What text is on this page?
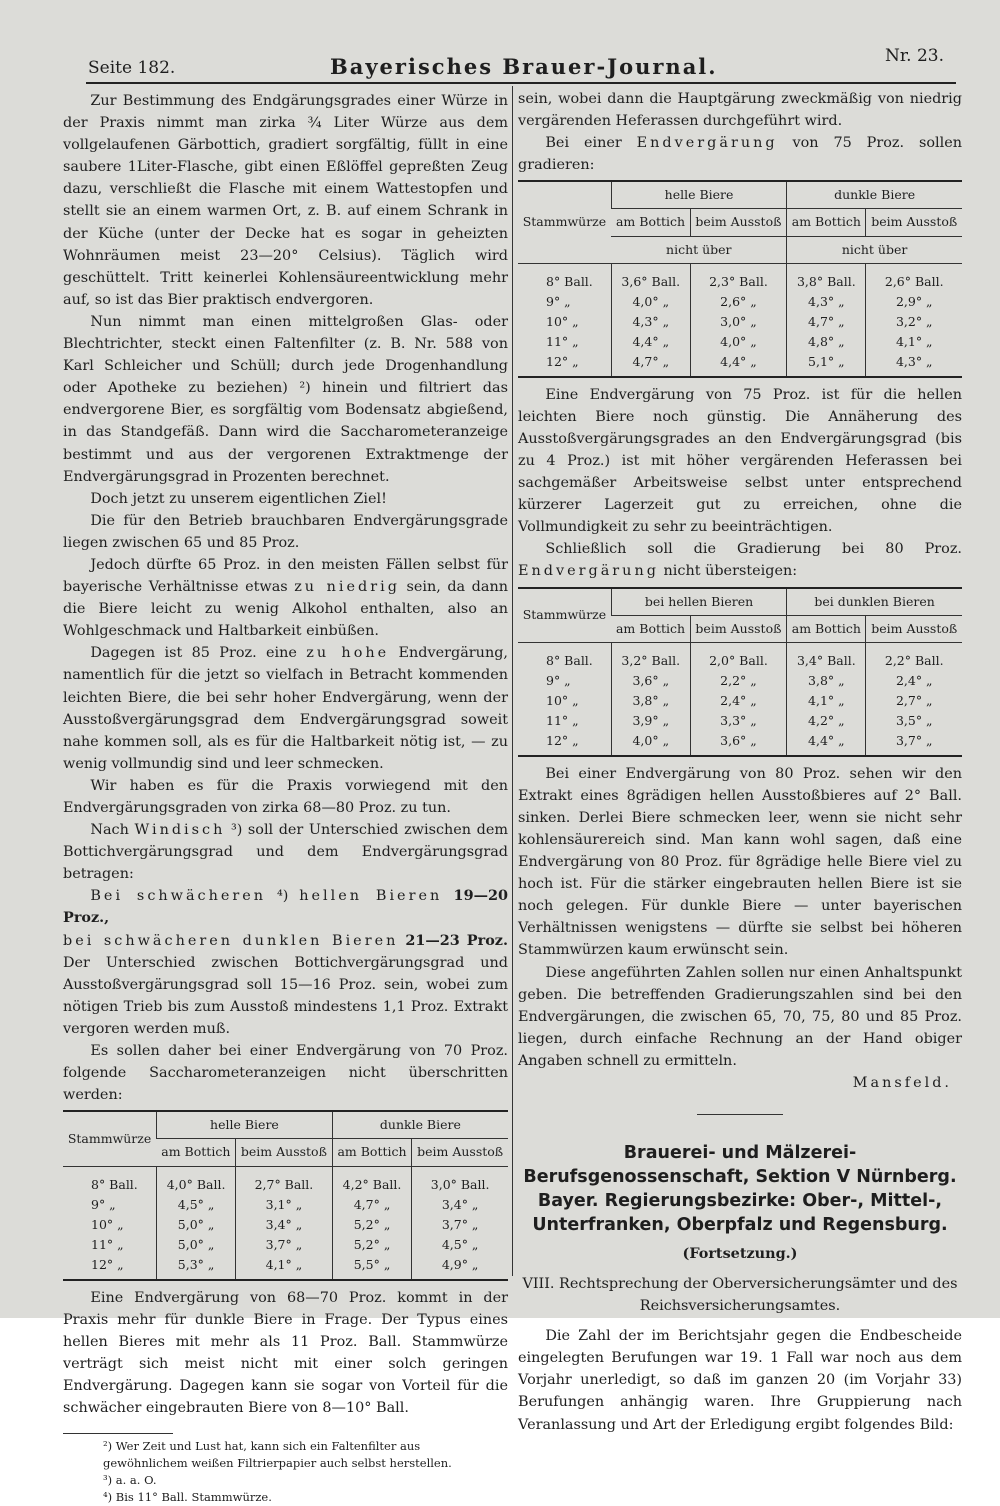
Seite 182.	Bayerisches Brauer-Journal.	Nr. 23.

Zur Bestimmung des Endgärungsgrades einer Würze in der Praxis nimmt man zirka ¾ Liter Würze aus dem vollgelaufenen Gärbottich, gradiert sorgfältig, füllt in eine saubere 1Liter-Flasche, gibt einen Eßlöffel gepreßten Zeug dazu, verschließt die Flasche mit einem Wattestopfen und stellt sie an einem warmen Ort, z. B. auf einem Schrank in der Küche (unter der Decke hat es sogar in geheizten Wohnräumen meist 23—20° Celsius). Täglich wird geschüttelt. Tritt keinerlei Kohlensäureentwicklung mehr auf, so ist das Bier praktisch endvergoren.

Nun nimmt man einen mittelgroßen Glas- oder Blechtrichter, steckt einen Faltenfilter (z. B. Nr. 588 von Karl Schleicher und Schüll; durch jede Drogenhandlung oder Apotheke zu beziehen) ²) hinein und filtriert das endvergorene Bier, es sorgfältig vom Bodensatz abgießend, in das Standgefäß. Dann wird die Saccharometeranzeige bestimmt und aus der vergorenen Extraktmenge der Endvergärungsgrad in Prozenten berechnet.

Doch jetzt zu unserem eigentlichen Ziel!

Die für den Betrieb brauchbaren Endvergärungsgrade liegen zwischen 65 und 85 Proz.

Jedoch dürfte 65 Proz. in den meisten Fällen selbst für bayerische Verhältnisse etwas zu niedrig sein, da dann die Biere leicht zu wenig Alkohol enthalten, also an Wohlgeschmack und Haltbarkeit einbüßen.

Dagegen ist 85 Proz. eine zu hohe Endvergärung, namentlich für die jetzt so vielfach in Betracht kommenden leichten Biere, die bei sehr hoher Endvergärung, wenn der Ausstoßvergärungsgrad dem Endvergärungsgrad soweit nahe kommen soll, als es für die Haltbarkeit nötig ist, — zu wenig vollmundig sind und leer schmecken.

Wir haben es für die Praxis vorwiegend mit den Endvergärungsgraden von zirka 68—80 Proz. zu tun.

Nach Windisch ³) soll der Unterschied zwischen dem Bottichvergärungsgrad und dem Endvergärungsgrad betragen:

Bei schwächeren ⁴) hellen Bieren 19—20 Proz.,
bei schwächeren dunklen Bieren 21—23 Proz. Der Unterschied zwischen Bottichvergärungsgrad und Ausstoßvergärungsgrad soll 15—16 Proz. sein, wobei zum nötigen Trieb bis zum Ausstoß mindestens 1,1 Proz. Extrakt vergoren werden muß.

Es sollen daher bei einer Endvergärung von 70 Proz. folgende Saccharometeranzeigen nicht überschritten werden:

Stammwürze	helle Biere		dunkle Biere	
	am Bottich	beim Ausstoß	am Bottich	beim Ausstoß
8° Ball.	4,0° Ball.	2,7° Ball.	4,2° Ball.	3,0° Ball.
9° „	4,5° „	3,1° „	4,7° „	3,4° „
10° „	5,0° „	3,4° „	5,2° „	3,7° „
11° „	5,0° „	3,7° „	5,2° „	4,5° „
12° „	5,3° „	4,1° „	5,5° „	4,9° „

Eine Endvergärung von 68—70 Proz. kommt in der Praxis mehr für dunkle Biere in Frage. Der Typus eines hellen Bieres mit mehr als 11 Proz. Ball. Stammwürze verträgt sich meist nicht mit einer solch geringen Endvergärung. Dagegen kann sie sogar von Vorteil für die schwächer eingebrauten Biere von 8—10° Ball.

²) Wer Zeit und Lust hat, kann sich ein Faltenfilter aus gewöhnlichem weißen Filtrierpapier auch selbst herstellen.

³) a. a. O.

⁴) Bis 11° Ball. Stammwürze.

sein, wobei dann die Hauptgärung zweckmäßig von niedrig vergärenden Heferassen durchgeführt wird.

Bei einer Endvergärung von 75 Proz. sollen gradieren:

Stammwürze	helle Biere		dunkle Biere	
	am Bottich	beim Ausstoß	am Bottich	beim Ausstoß
	nicht über		nicht über	
8° Ball.	3,6° Ball.	2,3° Ball.	3,8° Ball.	2,6° Ball.
9° „	4,0° „	2,6° „	4,3° „	2,9° „
10° „	4,3° „	3,0° „	4,7° „	3,2° „
11° „	4,4° „	4,0° „	4,8° „	4,1° „
12° „	4,7° „	4,4° „	5,1° „	4,3° „

Eine Endvergärung von 75 Proz. ist für die hellen leichten Biere noch günstig. Die Annäherung des Ausstoßvergärungsgrades an den Endvergärungsgrad (bis zu 4 Proz.) ist mit höher vergärenden Heferassen bei sachgemäßer Arbeitsweise selbst unter entsprechend kürzerer Lagerzeit gut zu erreichen, ohne die Vollmundigkeit zu sehr zu beeinträchtigen.

Schließlich soll die Gradierung bei 80 Proz. Endvergärung nicht übersteigen:

Stammwürze	bei hellen Bieren		bei dunklen Bieren	
	am Bottich	beim Ausstoß	am Bottich	beim Ausstoß
8° Ball.	3,2° Ball.	2,0° Ball.	3,4° Ball.	2,2° Ball.
9° „	3,6° „	2,2° „	3,8° „	2,4° „
10° „	3,8° „	2,4° „	4,1° „	2,7° „
11° „	3,9° „	3,3° „	4,2° „	3,5° „
12° „	4,0° „	3,6° „	4,4° „	3,7° „

Bei einer Endvergärung von 80 Proz. sehen wir den Extrakt eines 8grädigen hellen Ausstoßbieres auf 2° Ball. sinken. Derlei Biere schmecken leer, wenn sie nicht sehr kohlensäurereich sind. Man kann wohl sagen, daß eine Endvergärung von 80 Proz. für 8grädige helle Biere viel zu hoch ist. Für die stärker eingebrauten hellen Biere ist sie noch gelegen. Für dunkle Biere — unter bayerischen Verhältnissen wenigstens — dürfte sie selbst bei höheren Stammwürzen kaum erwünscht sein.

Diese angeführten Zahlen sollen nur einen Anhaltspunkt geben. Die betreffenden Gradierungszahlen sind bei den Endvergärungen, die zwischen 65, 70, 75, 80 und 85 Proz. liegen, durch einfache Rechnung an der Hand obiger Angaben schnell zu ermitteln.

Mansfeld.

Brauerei- und Mälzerei-Berufsgenossenschaft, Sektion V Nürnberg. Bayer. Regierungsbezirke: Ober-, Mittel-, Unterfranken, Oberpfalz und Regensburg.

(Fortsetzung.)

VIII. Rechtsprechung der Oberversicherungsämter und des Reichsversicherungsamtes.

Die Zahl der im Berichtsjahr gegen die Endbescheide eingelegten Berufungen war 19. 1 Fall war noch aus dem Vorjahr unerledigt, so daß im ganzen 20 (im Vorjahr 33) Berufungen anhängig waren. Ihre Gruppierung nach Veranlassung und Art der Erledigung ergibt folgendes Bild:
